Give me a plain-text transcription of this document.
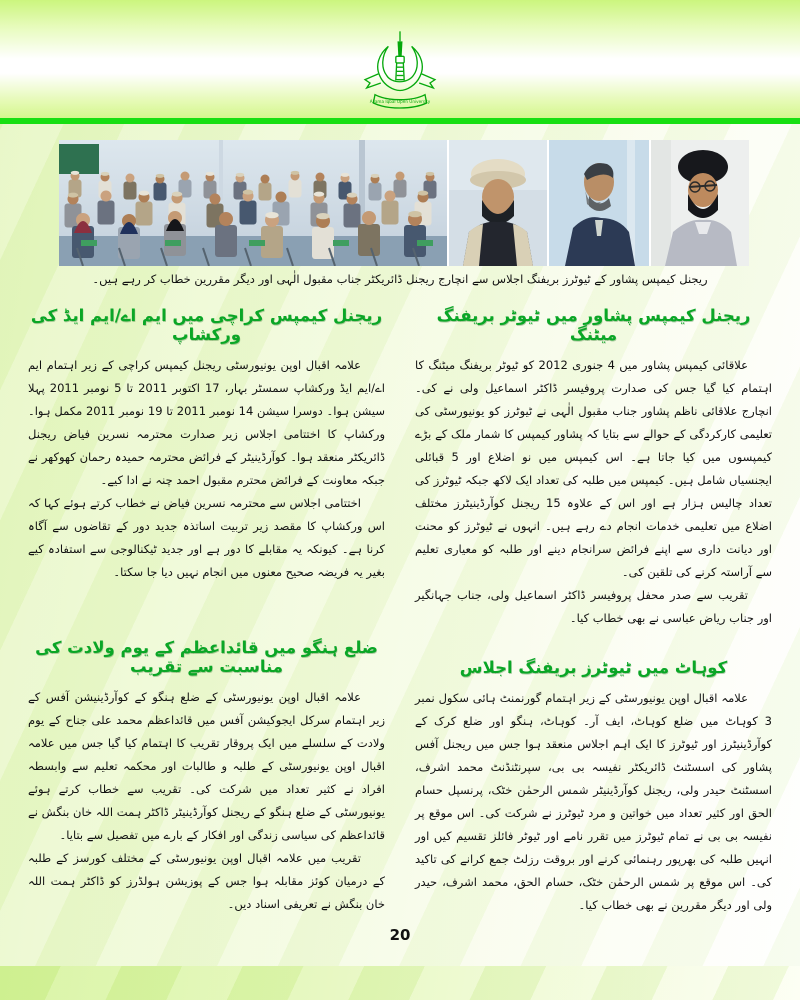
Allama Iqbal Open University
ریجنل کیمپس پشاور کے ٹیوٹرز بریفنگ اجلاس سے انچارج ریجنل ڈائریکٹر جناب مقبول الٰہی اور دیگر مقررین خطاب کر رہے ہیں۔
ریجنل کیمپس پشاور میں ٹیوٹر بریفنگ میٹنگ

علاقائی کیمپس پشاور میں 4 جنوری 2012 کو ٹیوٹر بریفنگ میٹنگ کا اہتمام کیا گیا جس کی صدارت پروفیسر ڈاکٹر اسماعیل ولی نے کی۔ انچارج علاقائی ناظم پشاور جناب مقبول الٰہی نے ٹیوٹرز کو یونیورسٹی کی تعلیمی کارکردگی کے حوالے سے بتایا کہ پشاور کیمپس کا شمار ملک کے بڑے کیمپسوں میں کیا جاتا ہے۔ اس کیمپس میں نو اضلاع اور 5 قبائلی ایجنسیاں شامل ہیں۔ کیمپس میں طلبہ کی تعداد ایک لاکھ جبکہ ٹیوٹرز کی تعداد چالیس ہزار ہے اور اس کے علاوہ 15 ریجنل کوآرڈینیٹرز مختلف اضلاع میں تعلیمی خدمات انجام دے رہے ہیں۔ انہوں نے ٹیوٹرز کو محنت اور دیانت داری سے اپنے فرائض سرانجام دینے اور طلبہ کو معیاری تعلیم سے آراستہ کرنے کی تلقین کی۔

تقریب سے صدر محفل پروفیسر ڈاکٹر اسماعیل ولی، جناب جہانگیر اور جناب ریاض عباسی نے بھی خطاب کیا۔

کوہاٹ میں ٹیوٹرز بریفنگ اجلاس

علامہ اقبال اوپن یونیورسٹی کے زیر اہتمام گورنمنٹ ہائی سکول نمبر 3 کوہاٹ میں ضلع کوہاٹ، ایف آر۔ کوہاٹ، ہنگو اور ضلع کرک کے کوآرڈینیٹرز اور ٹیوٹرز کا ایک اہم اجلاس منعقد ہوا جس میں ریجنل آفس پشاور کی اسسٹنٹ ڈائریکٹر نفیسہ بی بی، سپرنٹنڈنٹ محمد اشرف، اسسٹنٹ حیدر ولی، ریجنل کوآرڈینیٹر شمس الرحمٰن خٹک، پرنسپل حسام الحق اور کثیر تعداد میں خواتین و مرد ٹیوٹرز نے شرکت کی۔ اس موقع پر نفیسہ بی بی نے تمام ٹیوٹرز میں تقرر نامے اور ٹیوٹر فائلز تقسیم کیں اور انہیں طلبہ کی بھرپور رہنمائی کرنے اور بروقت رزلٹ جمع کرانے کی تاکید کی۔ اس موقع پر شمس الرحمٰن خٹک، حسام الحق، محمد اشرف، حیدر ولی اور دیگر مقررین نے بھی خطاب کیا۔

ریجنل کیمپس کراچی میں ایم اے/ایم ایڈ کی ورکشاپ

علامہ اقبال اوپن یونیورسٹی ریجنل کیمپس کراچی کے زیر اہتمام ایم اے/ایم ایڈ ورکشاپ سمسٹر بہار، 17 اکتوبر 2011 تا 5 نومبر 2011 پہلا سیشن ہوا۔ دوسرا سیشن 14 نومبر 2011 تا 19 نومبر 2011 مکمل ہوا۔ ورکشاپ کا اختتامی اجلاس زیر صدارت محترمہ نسرین فیاض ریجنل ڈائریکٹر منعقد ہوا۔ کوآرڈینیٹر کے فرائض محترمہ حمیدہ رحمان کھوکھر نے جبکہ معاونت کے فرائض محترم مقبول احمد چنہ نے ادا کیے۔

اختتامی اجلاس سے محترمہ نسرین فیاض نے خطاب کرتے ہوئے کہا کہ اس ورکشاپ کا مقصد زیر تربیت اساتذہ جدید دور کے تقاضوں سے آگاہ کرنا ہے۔ کیونکہ یہ مقابلے کا دور ہے اور جدید ٹیکنالوجی سے استفادہ کیے بغیر یہ فریضہ صحیح معنوں میں انجام نہیں دیا جا سکتا۔

ضلع ہنگو میں قائداعظم کے یوم ولادت کی مناسبت سے تقریب

علامہ اقبال اوپن یونیورسٹی کے ضلع ہنگو کے کوآرڈینیشن آفس کے زیر اہتمام سرکل ایجوکیشن آفس میں قائداعظم محمد علی جناح کے یوم ولادت کے سلسلے میں ایک پروقار تقریب کا اہتمام کیا گیا جس میں علامہ اقبال اوپن یونیورسٹی کے طلبہ و طالبات اور محکمہ تعلیم سے وابسطہ افراد نے کثیر تعداد میں شرکت کی۔ تقریب سے خطاب کرتے ہوئے یونیورسٹی کے ضلع ہنگو کے ریجنل کوآرڈینیٹر ڈاکٹر ہمت اللہ خان بنگش نے قائداعظم کی سیاسی زندگی اور افکار کے بارے میں تفصیل سے بتایا۔

تقریب میں علامہ اقبال اوپن یونیورسٹی کے مختلف کورسز کے طلبہ کے درمیان کوئز مقابلہ ہوا جس کے پوزیشن ہولڈرز کو ڈاکٹر ہمت اللہ خان بنگش نے تعریفی اسناد دیں۔

20
